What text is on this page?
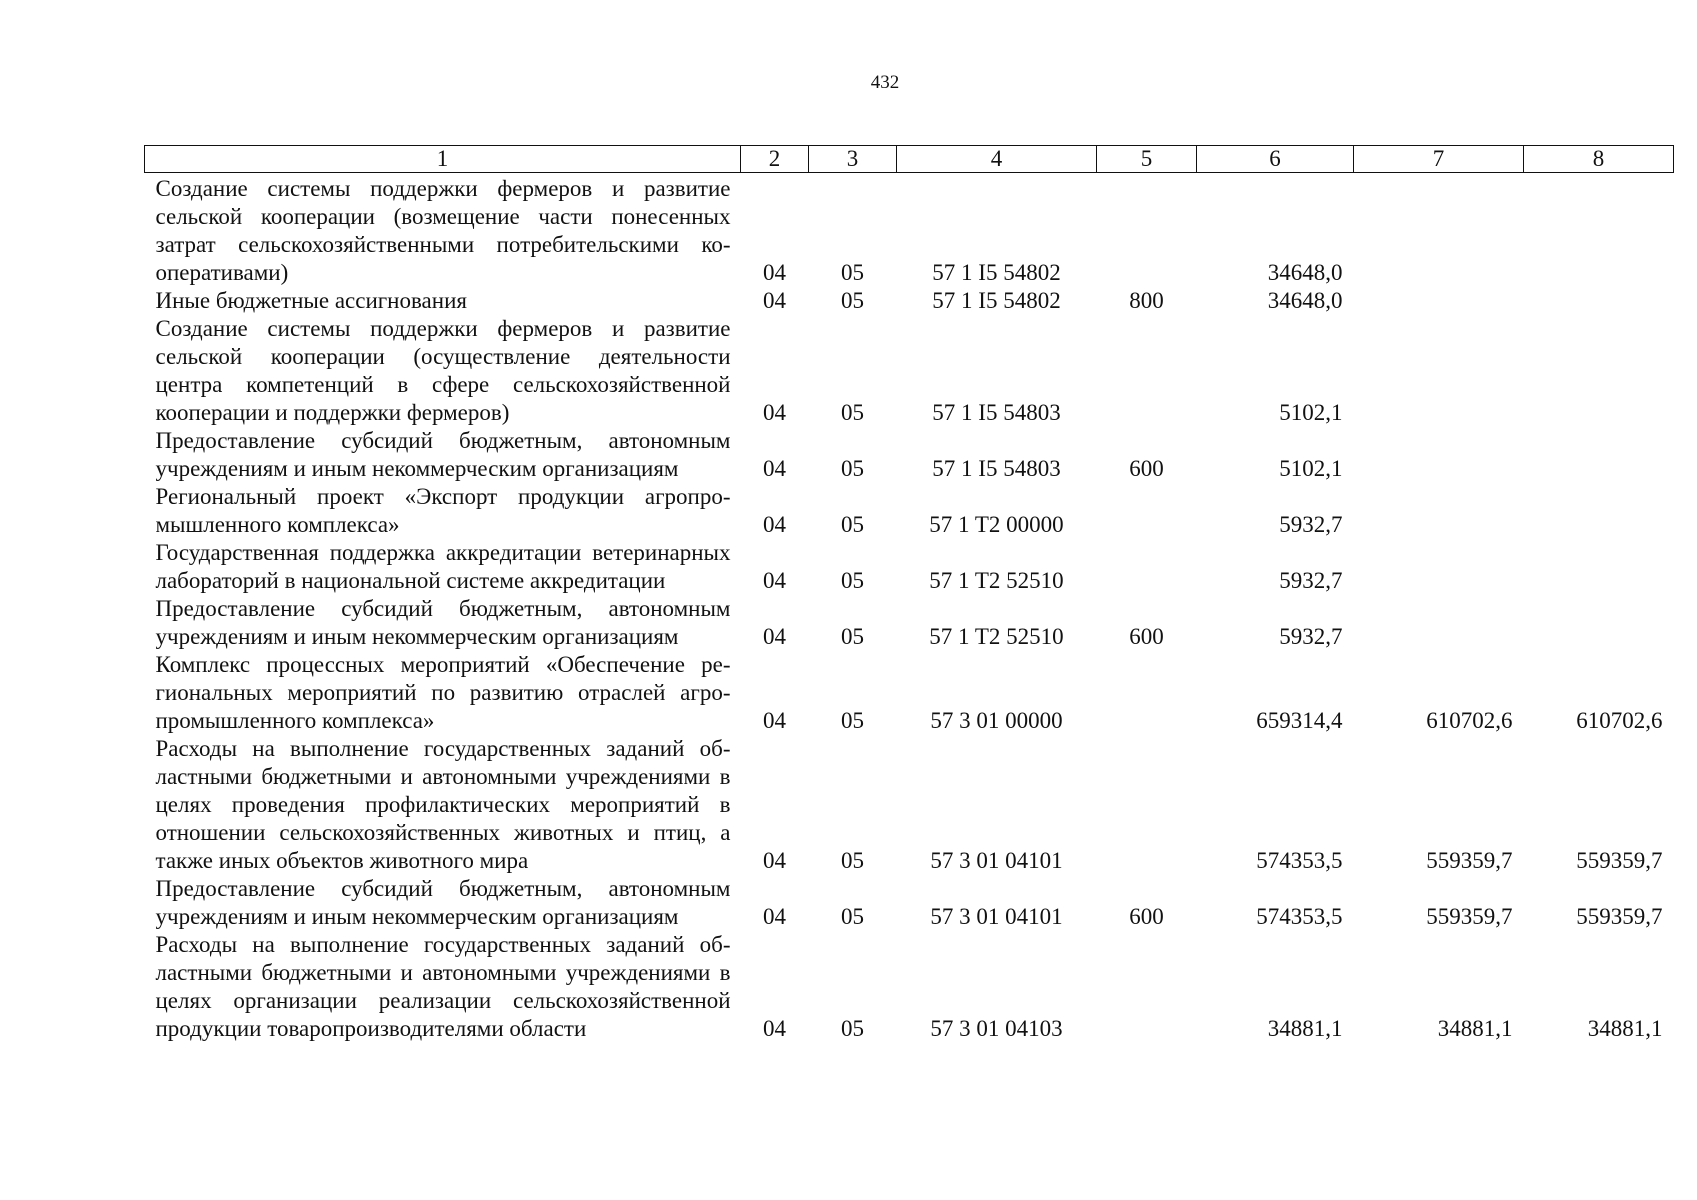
432
1	2	3	4	5	6	7	8
Создание системы поддержки фермеров и развитие сельской кооперации (возмещение части понесенных затрат сельскохозяйственными потребительскими кооперативами)	04	05	57 1 I5 54802		34648,0		
Иные бюджетные ассигнования	04	05	57 1 I5 54802	800	34648,0		
Создание системы поддержки фермеров и развитие сельской кооперации (осуществление деятельности центра компетенций в сфере сельскохозяйственной кооперации и поддержки фермеров)	04	05	57 1 I5 54803		5102,1		
Предоставление субсидий бюджетным, автономным учреждениям и иным некоммерческим организациям	04	05	57 1 I5 54803	600	5102,1		
Региональный проект «Экспорт продукции агропромышленного комплекса»	04	05	57 1 T2 00000		5932,7		
Государственная поддержка аккредитации ветеринарных лабораторий в национальной системе аккредитации	04	05	57 1 T2 52510		5932,7		
Предоставление субсидий бюджетным, автономным учреждениям и иным некоммерческим организациям	04	05	57 1 T2 52510	600	5932,7		
Комплекс процессных мероприятий «Обеспечение региональных мероприятий по развитию отраслей агропромышленного комплекса»	04	05	57 3 01 00000		659314,4	610702,6	610702,6
Расходы на выполнение государственных заданий областными бюджетными и автономными учреждениями в целях проведения профилактических мероприятий в отношении сельскохозяйственных животных и птиц, а также иных объектов животного мира	04	05	57 3 01 04101		574353,5	559359,7	559359,7
Предоставление субсидий бюджетным, автономным учреждениям и иным некоммерческим организациям	04	05	57 3 01 04101	600	574353,5	559359,7	559359,7
Расходы на выполнение государственных заданий областными бюджетными и автономными учреждениями в целях организации реализации сельскохозяйственной продукции товаропроизводителями области	04	05	57 3 01 04103		34881,1	34881,1	34881,1
